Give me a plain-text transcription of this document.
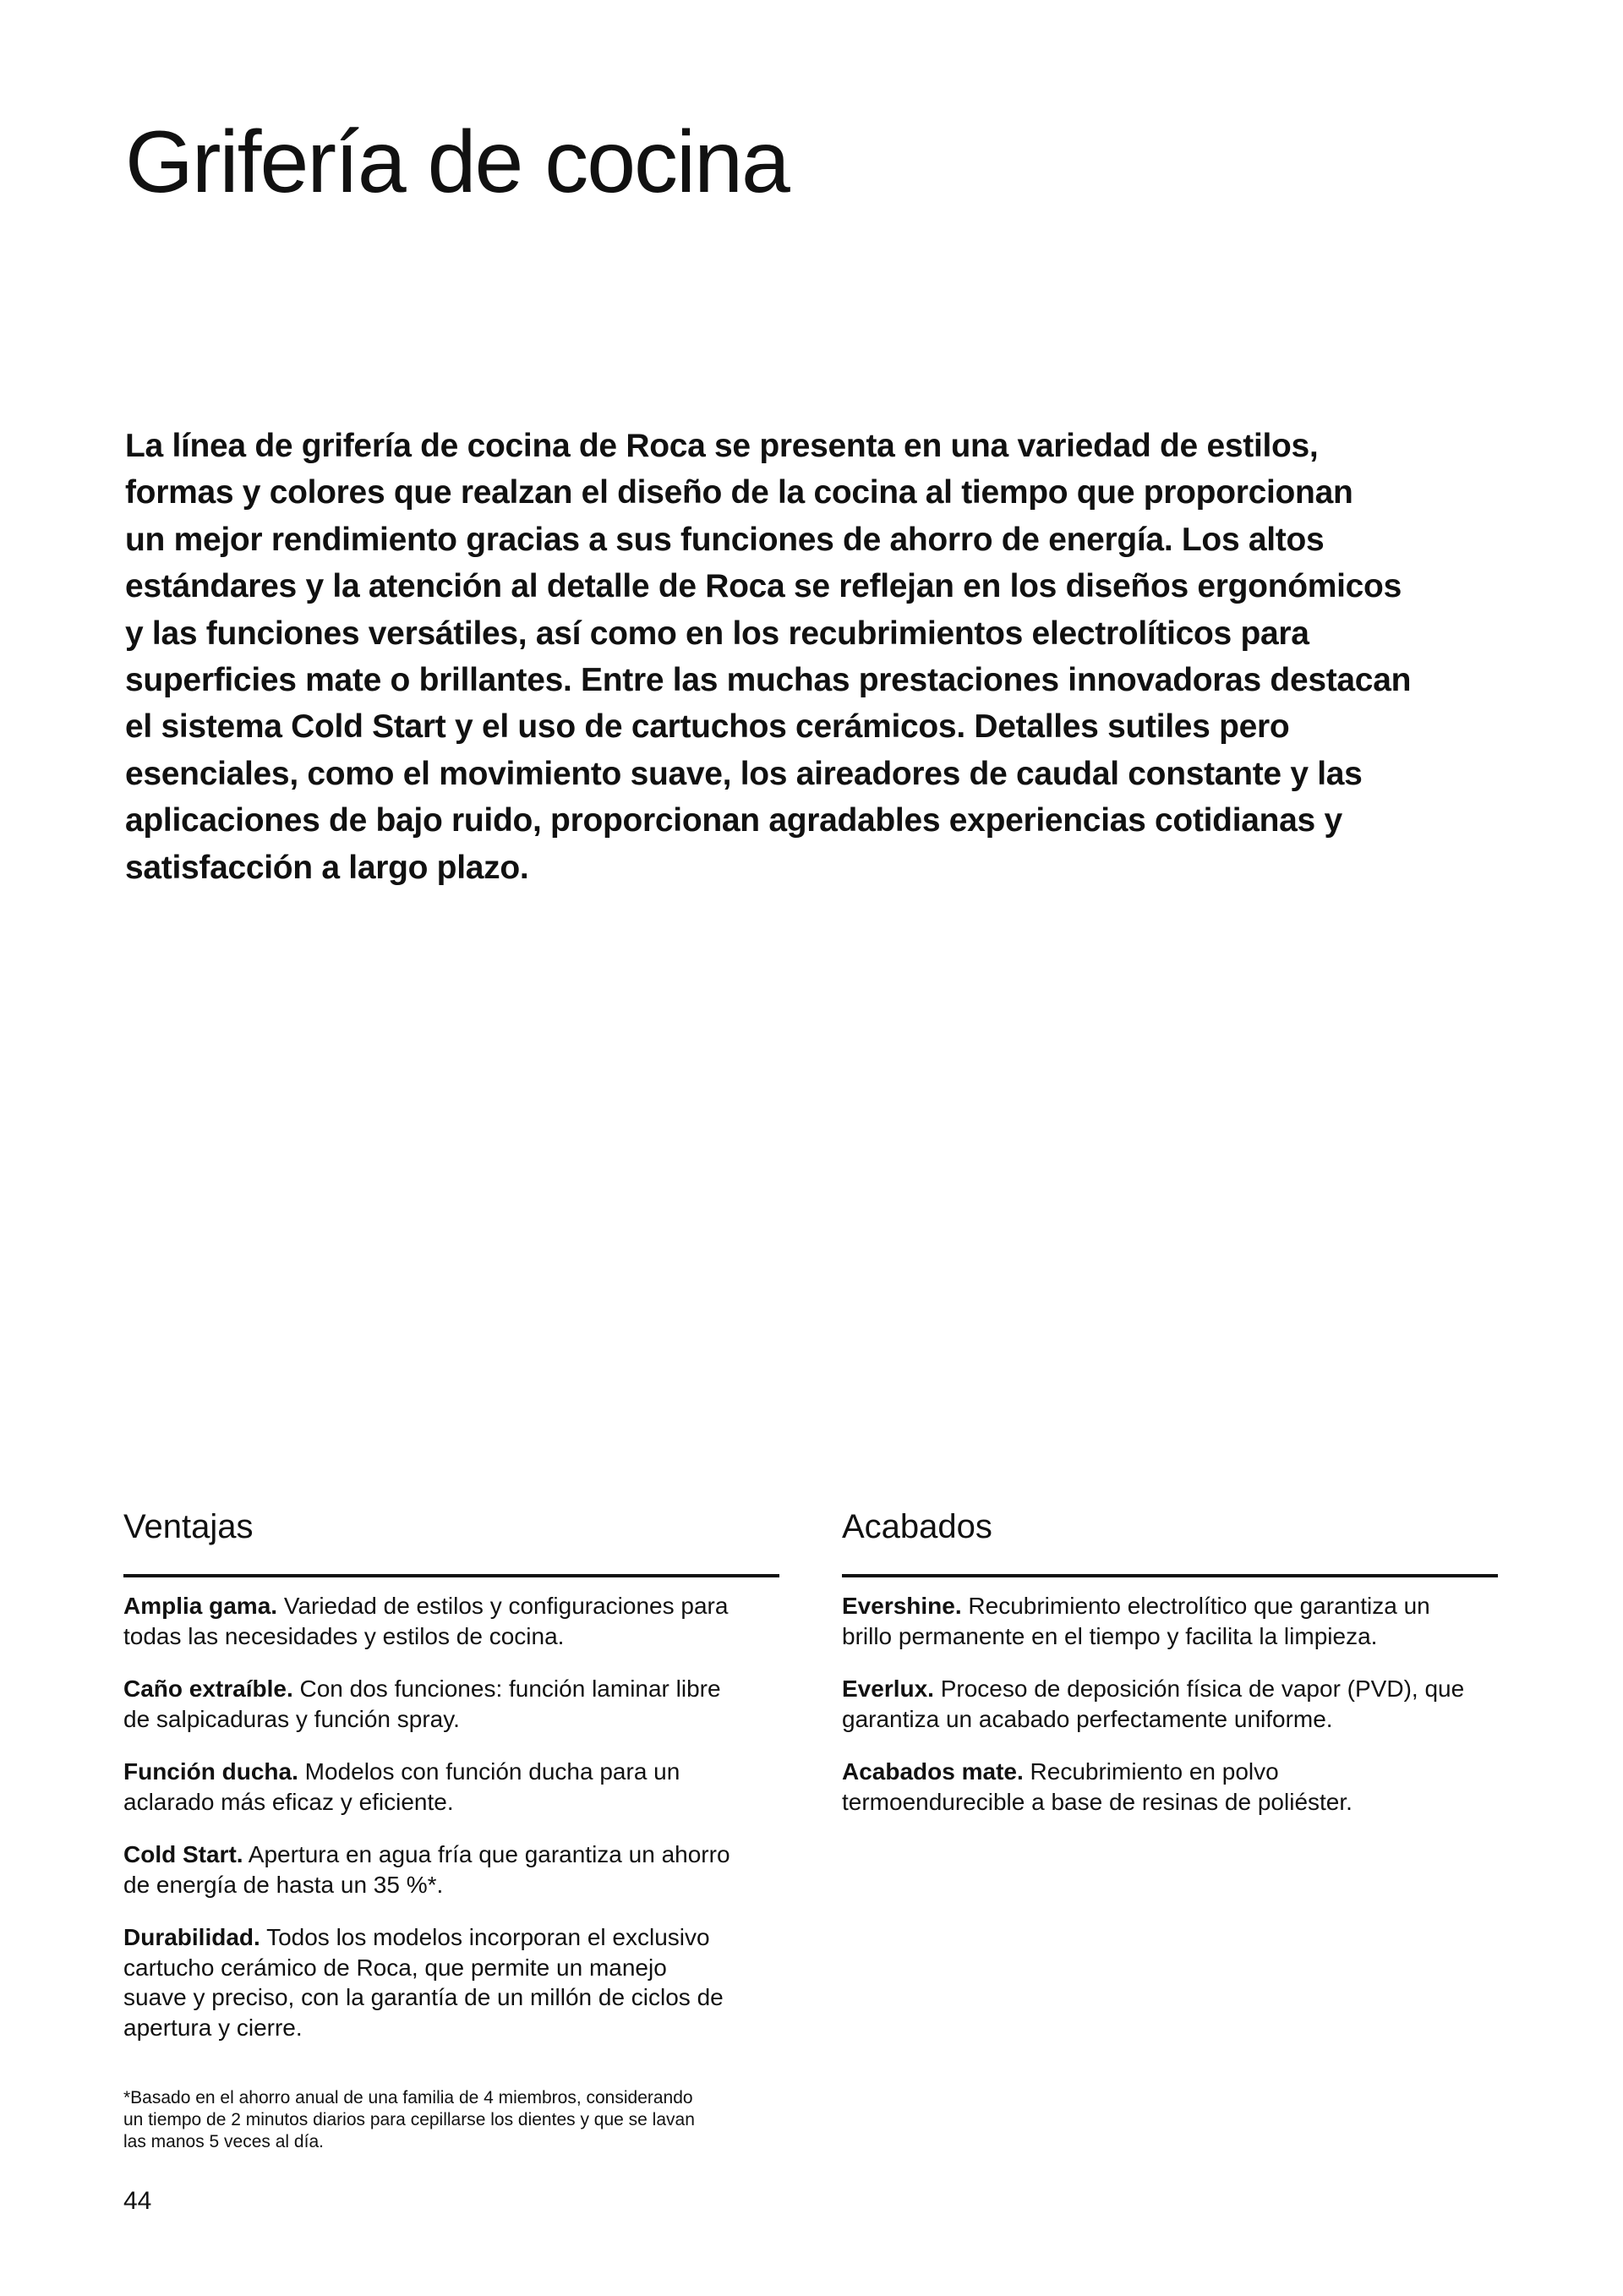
Grifería de cocina
La línea de grifería de cocina de Roca se presenta en una variedad de estilos,
formas y colores que realzan el diseño de la cocina al tiempo que proporcionan
un mejor rendimiento gracias a sus funciones de ahorro de energía. Los altos
estándares y la atención al detalle de Roca se reflejan en los diseños ergonómicos
y las funciones versátiles, así como en los recubrimientos electrolíticos para
superficies mate o brillantes. Entre las muchas prestaciones innovadoras destacan
el sistema Cold Start y el uso de cartuchos cerámicos. Detalles sutiles pero
esenciales, como el movimiento suave, los aireadores de caudal constante y las
aplicaciones de bajo ruido, proporcionan agradables experiencias cotidianas y
satisfacción a largo plazo.
Ventajas
Amplia gama. Variedad de estilos y configuraciones para
todas las necesidades y estilos de cocina.
Caño extraíble. Con dos funciones: función laminar libre
de salpicaduras y función spray.
Función ducha. Modelos con función ducha para un
aclarado más eficaz y eficiente.
Cold Start. Apertura en agua fría que garantiza un ahorro
de energía de hasta un 35 %*.
Durabilidad. Todos los modelos incorporan el exclusivo
cartucho cerámico de Roca, que permite un manejo
suave y preciso, con la garantía de un millón de ciclos de
apertura y cierre.
Acabados
Evershine. Recubrimiento electrolítico que garantiza un
brillo permanente en el tiempo y facilita la limpieza.
Everlux. Proceso de deposición física de vapor (PVD), que
garantiza un acabado perfectamente uniforme.
Acabados mate. Recubrimiento en polvo
termoendurecible a base de resinas de poliéster.
*Basado en el ahorro anual de una familia de 4 miembros, considerando
un tiempo de 2 minutos diarios para cepillarse los dientes y que se lavan
las manos 5 veces al día.
44
